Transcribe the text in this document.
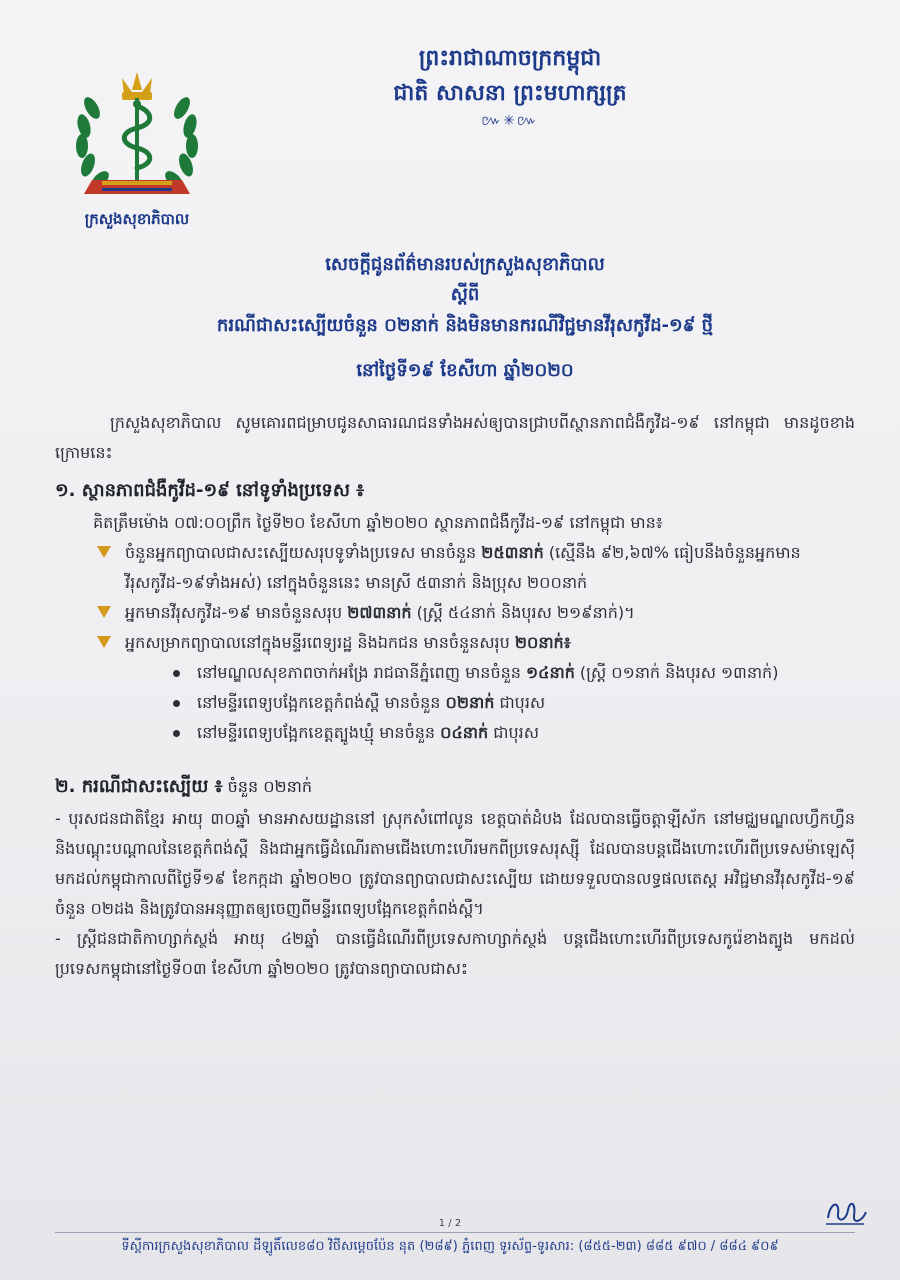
ក្រសួងសុខាភិបាល
ព្រះរាជាណាចក្រកម្ពុជា
ជាតិ សាសនា ព្រះមហាក្សត្រ
៚✳៚
សេចក្តីជូនព័ត៌មានរបស់ក្រសួងសុខាភិបាល
ស្តីពី
ករណីជាសះស្បើយចំនួន ០២នាក់ និងមិនមានករណីវិជ្ជមានវីរុសកូវីដ-១៩ ថ្មី
នៅថ្ងៃទី១៩ ខែសីហា ឆ្នាំ២០២០

ក្រសួងសុខាភិបាល សូមគោរពជម្រាបជូនសាធារណជនទាំងអស់ឲ្យបានជ្រាបពីស្ថានភាពជំងឺកូវីដ-១៩ នៅកម្ពុជា មានដូចខាងក្រោមនេះ

១. ស្ថានភាពជំងឺកូវីដ-១៩ នៅទូទាំងប្រទេស ៖
គិតត្រឹមម៉ោង ០៧:០០ព្រឹក ថ្ងៃទី២០ ខែសីហា ឆ្នាំ២០២០ ស្ថានភាពជំងឺកូវីដ-១៩ នៅកម្ពុជា មាន៖
ចំនួនអ្នកព្យាបាលជាសះស្បើយសរុបទូទាំងប្រទេស មានចំនួន ២៥៣នាក់ (ស្មើនឹង ៩២,៦៧% ធៀបនឹងចំនួនអ្នកមានវីរុសកូវីដ-១៩ទាំងអស់) នៅក្នុងចំនួននេះ មានស្រី ៥៣នាក់ និងប្រុស ២០០នាក់
អ្នកមានវីរុសកូវីដ-១៩ មានចំនួនសរុប ២៧៣នាក់ (ស្ត្រី ៥៤នាក់ និងបុរស ២១៩នាក់)។
អ្នកសម្រាកព្យាបាលនៅក្នុងមន្ទីរពេទ្យរដ្ឋ និងឯកជន មានចំនួនសរុប ២០នាក់៖
នៅមណ្ឌលសុខភាពចាក់អង្រែ រាជធានីភ្នំពេញ មានចំនួន ១៤នាក់ (ស្ត្រី ០១នាក់ និងបុរស ១៣នាក់)
នៅមន្ទីរពេទ្យបង្អែកខេត្តកំពង់ស្ពឺ មានចំនួន ០២នាក់ ជាបុរស
នៅមន្ទីរពេទ្យបង្អែកខេត្តត្បូងឃ្មុំ មានចំនួន ០៤នាក់ ជាបុរស
២. ករណីជាសះស្បើយ ៖ ចំនួន ០២នាក់

- បុរសជនជាតិខ្មែរ អាយុ ៣០ឆ្នាំ មានអាសយដ្ឋាននៅ ស្រុកសំពៅលូន ខេត្តបាត់ដំបង ដែលបានធ្វើចត្តាឡីស័ក នៅមជ្ឈមណ្ឌលហ្វឹកហ្វឺន និងបណ្តុះបណ្តាលនៃខេត្តកំពង់ស្ពឺ និងជាអ្នកធ្វើដំណើរតាមជើងហោះហើរមកពីប្រទេសរុស្ស៊ី ដែលបានបន្តជើងហោះហើរពីប្រទេសម៉ាឡេស៊ី មកដល់កម្ពុជាកាលពីថ្ងៃទី១៩ ខែកក្កដា ឆ្នាំ២០២០ ត្រូវបានព្យាបាលជាសះស្បើយ ដោយទទួលបានលទ្ធផលតេស្ត អវិជ្ជមានវីរុសកូវីដ-១៩ ចំនួន ០២ដង និងត្រូវបានអនុញ្ញាតឲ្យចេញពីមន្ទីរពេទ្យបង្អែកខេត្តកំពង់ស្ពឺ។

- ស្ត្រីជនជាតិកាហ្សាក់ស្ថង់ អាយុ ៤២ឆ្នាំ បានធ្វើដំណើរពីប្រទេសកាហ្សាក់ស្ថង់ បន្តជើងហោះហើរពីប្រទេសកូរ៉េខាងត្បូង មកដល់ប្រទេសកម្ពុជានៅថ្ងៃទី០៣ ខែសីហា ឆ្នាំ២០២០ ត្រូវបានព្យាបាលជាសះ

1 / 2
ទីស្តីការក្រសួងសុខាភិបាល ដីឡូតិ៍លេខ៨០ វិថីសម្តេចប៉ែន នុត (២៨៩) ភ្នំពេញ ទូរស័ព្ទ-ទូរសារ: (៨៥៥-២៣) ៨៨៥ ៩៧០ / ៨៨៤ ៩០៩
